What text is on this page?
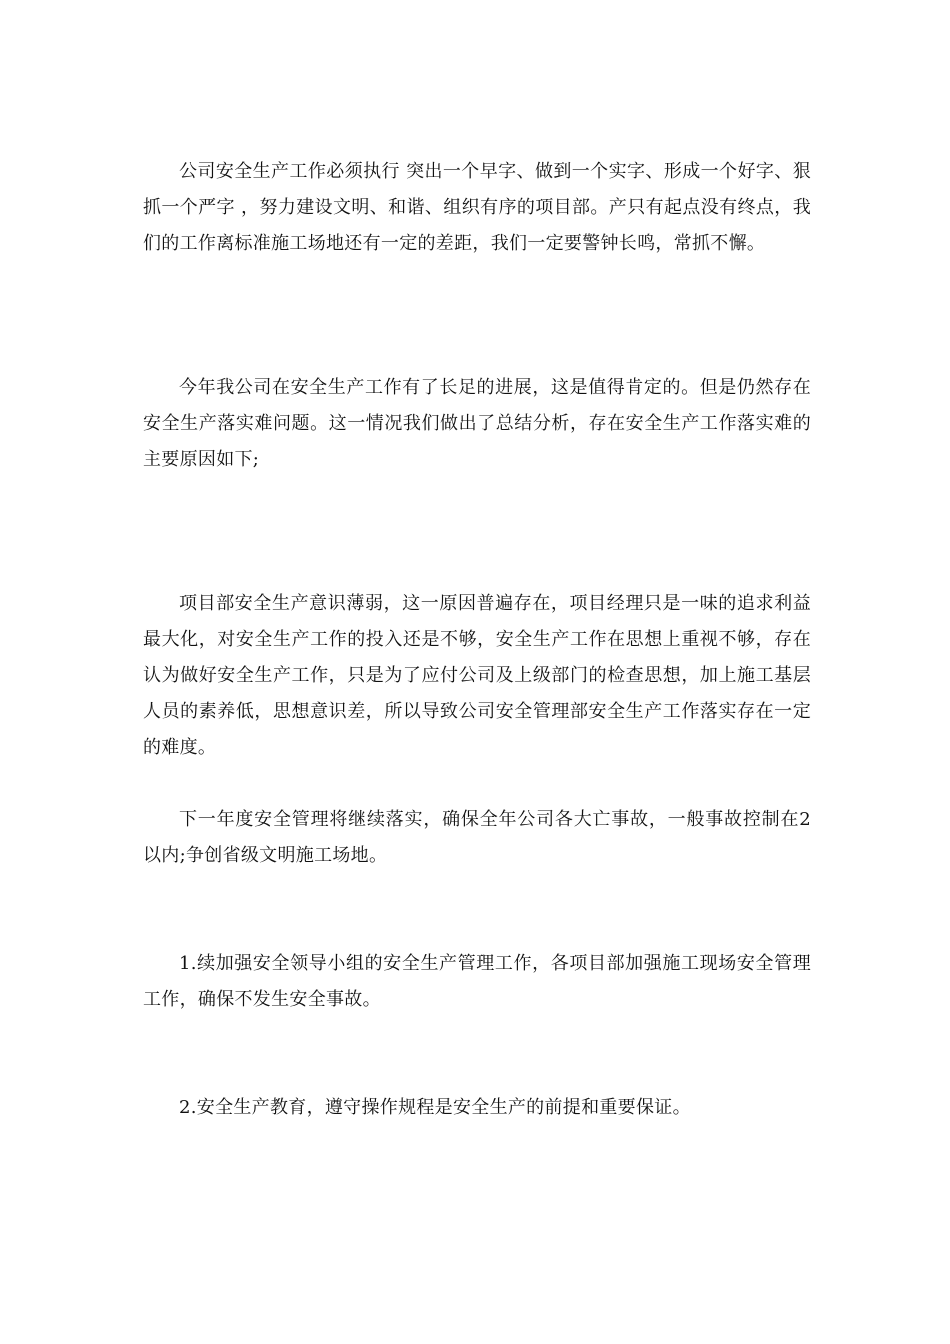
公司安全生产工作必须执行 突出一个早字、做到一个实字、形成一个好字、狠抓一个严字 ，努力建设文明、和谐、组织有序的项目部。产只有起点没有终点，我们的工作离标准施工场地还有一定的差距，我们一定要警钟长鸣，常抓不懈。

今年我公司在安全生产工作有了长足的进展，这是值得肯定的。但是仍然存在安全生产落实难问题。这一情况我们做出了总结分析，存在安全生产工作落实难的主要原因如下;

项目部安全生产意识薄弱，这一原因普遍存在，项目经理只是一味的追求利益最大化，对安全生产工作的投入还是不够，安全生产工作在思想上重视不够，存在认为做好安全生产工作，只是为了应付公司及上级部门的检查思想，加上施工基层人员的素养低，思想意识差，所以导致公司安全管理部安全生产工作落实存在一定的难度。

下一年度安全管理将继续落实，确保全年公司各大亡事故，一般事故控制在2 以内;争创省级文明施工场地。

1.续加强安全领导小组的安全生产管理工作，各项目部加强施工现场安全管理工作，确保不发生安全事故。

2.安全生产教育，遵守操作规程是安全生产的前提和重要保证。
